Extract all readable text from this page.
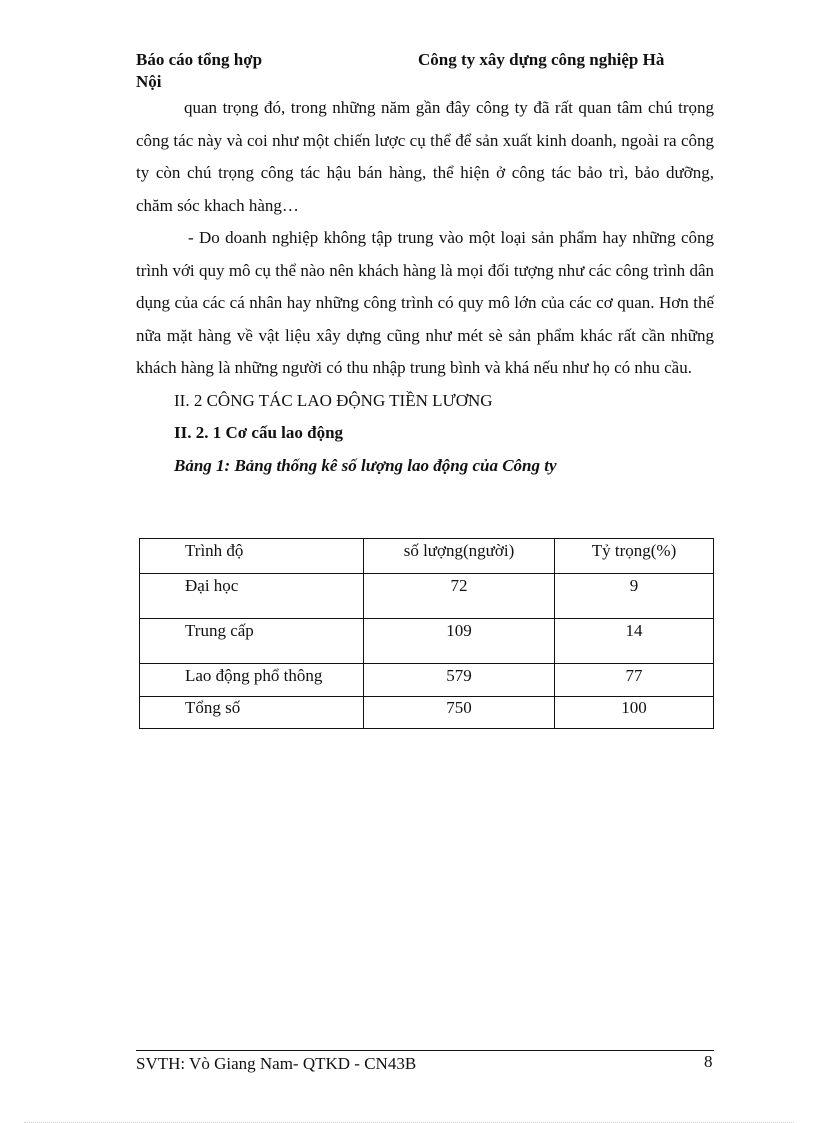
Báo cáo tổng hợp	Công ty xây dựng công nghiệp Hà
Nội

quan trọng đó, trong những năm gần đây công ty đã rất quan tâm chú trọng công tác này và coi như một chiến lược cụ thể để sản xuất kinh doanh, ngoài ra công ty còn chú trọng công tác hậu bán hàng, thể hiện ở công tác bảo trì, bảo dưỡng, chăm sóc khach hàng…

- Do doanh nghiệp không tập trung vào một loại sản phẩm hay những công trình với quy mô cụ thể nào nên khách hàng là mọi đối tượng như các công trình dân dụng của các cá nhân hay những công trình có quy mô lớn của các cơ quan. Hơn thế nữa mặt hàng về vật liệu xây dựng cũng như mét sè sản phẩm khác rất cần những khách hàng là những người có thu nhập trung bình và khá nếu như họ có nhu cầu.

II. 2 CÔNG TÁC LAO ĐỘNG TIỀN LƯƠNG

II. 2. 1 Cơ cấu lao động

Bảng 1: Bảng thống kê số lượng lao động của Công ty

Trình độ	số lượng(người)	Tỷ trọng(%)
Đại học	72	9
Trung cấp	109	14
Lao động phổ thông	579	77
Tổng số	750	100
SVTH: Vò Giang Nam- QTKD - CN43B	8
